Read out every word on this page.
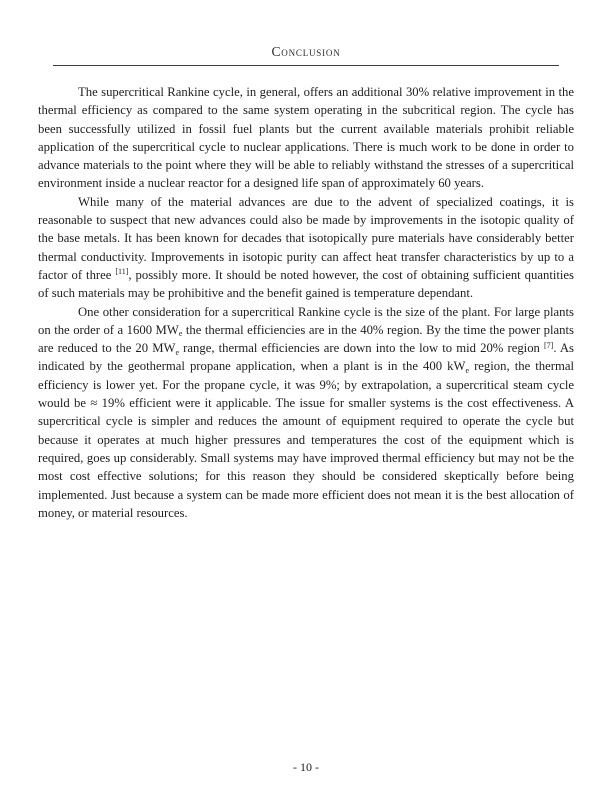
Conclusion

The supercritical Rankine cycle, in general, offers an additional 30% relative improvement in the thermal efficiency as compared to the same system operating in the subcritical region. The cycle has been successfully utilized in fossil fuel plants but the current available materials prohibit reliable application of the supercritical cycle to nuclear applications. There is much work to be done in order to advance materials to the point where they will be able to reliably withstand the stresses of a supercritical environment inside a nuclear reactor for a designed life span of approximately 60 years.

While many of the material advances are due to the advent of specialized coatings, it is reasonable to suspect that new advances could also be made by improvements in the isotopic quality of the base metals. It has been known for decades that isotopically pure materials have considerably better thermal conductivity. Improvements in isotopic purity can affect heat transfer characteristics by up to a factor of three [11], possibly more. It should be noted however, the cost of obtaining sufficient quantities of such materials may be prohibitive and the benefit gained is temperature dependant.

One other consideration for a supercritical Rankine cycle is the size of the plant. For large plants on the order of a 1600 $MW_e$ the thermal efficiencies are in the 40% region. By the time the power plants are reduced to the 20 $MW_e$ range, thermal efficiencies are down into the low to mid 20% region [7]. As indicated by the geothermal propane application, when a plant is in the 400 $kW_e$ region, the thermal efficiency is lower yet. For the propane cycle, it was 9%; by extrapolation, a supercritical steam cycle would be ≈ 19% efficient were it applicable. The issue for smaller systems is the cost effectiveness. A supercritical cycle is simpler and reduces the amount of equipment required to operate the cycle but because it operates at much higher pressures and temperatures the cost of the equipment which is required, goes up considerably. Small systems may have improved thermal efficiency but may not be the most cost effective solutions; for this reason they should be considered skeptically before being implemented. Just because a system can be made more efficient does not mean it is the best allocation of money, or material resources.

- 10 -
